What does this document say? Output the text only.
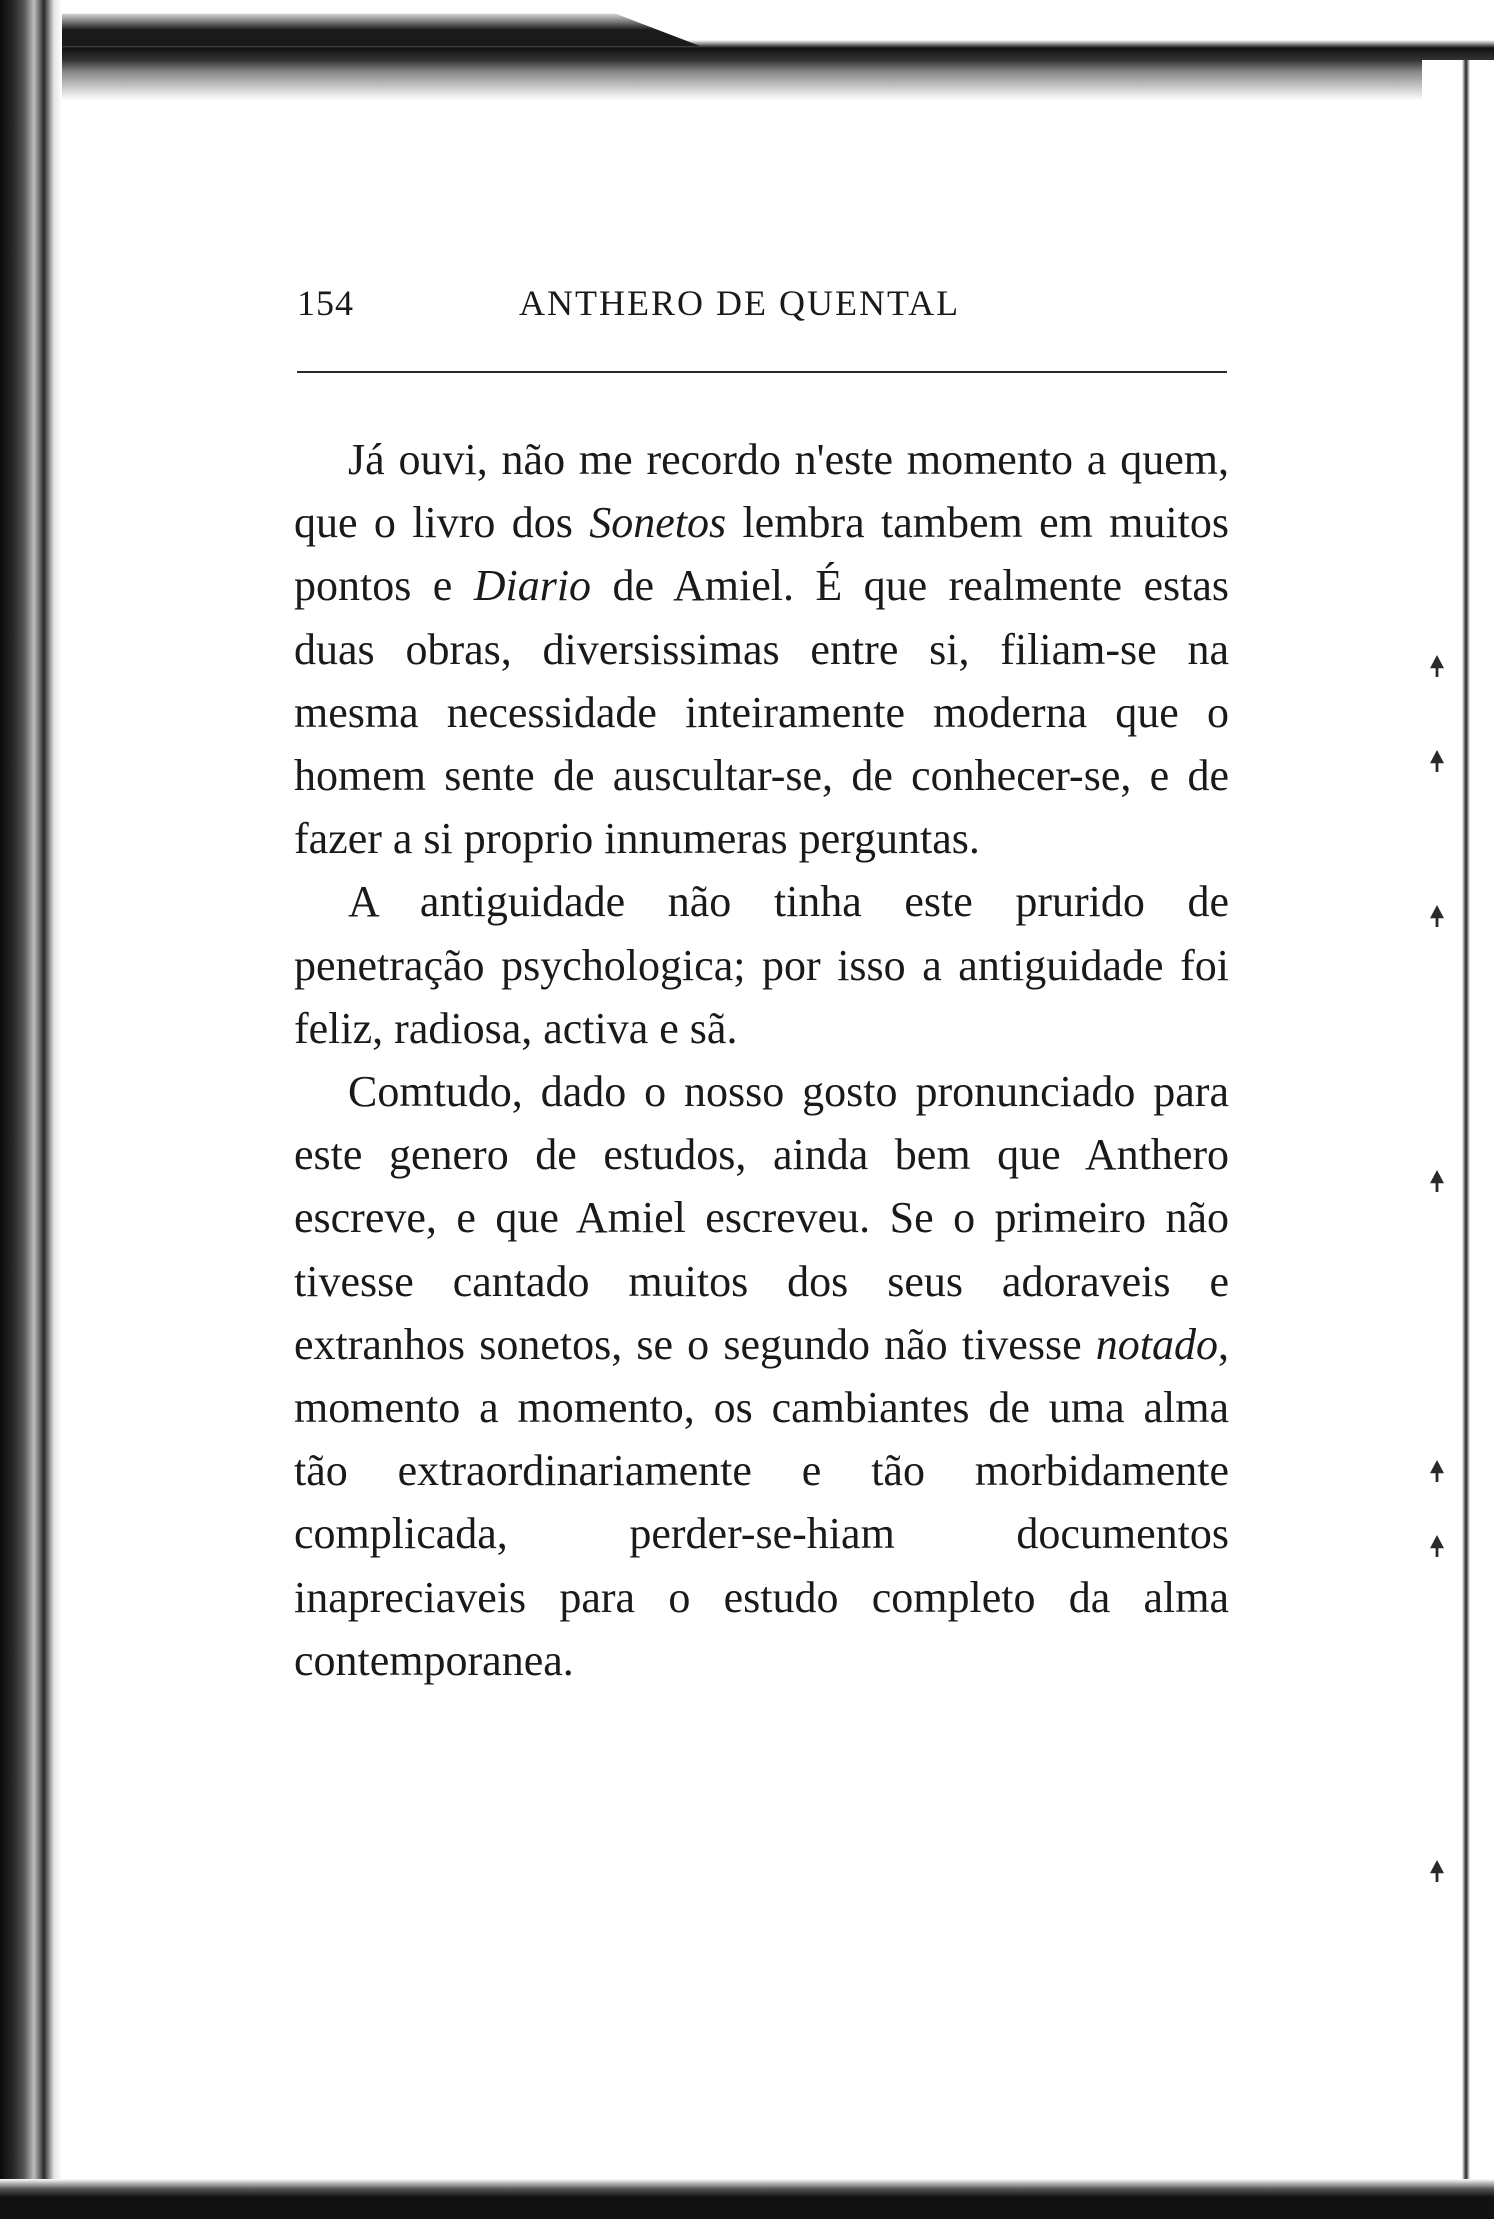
154	ANTHERO DE QUENTAL

Já ouvi, não me recordo n'este momento a quem, que o livro dos Sonetos lembra tambem em muitos pontos e Diario de Amiel. É que realmente estas duas obras, diversissimas entre si, filiam-se na mesma necessidade inteiramente moderna que o homem sente de auscultar-se, de conhecer-se, e de fazer a si proprio innumeras perguntas.

A antiguidade não tinha este prurido de penetração psychologica; por isso a antiguidade foi feliz, radiosa, activa e sã.

Comtudo, dado o nosso gosto pronunciado para este genero de estudos, ainda bem que Anthero escreve, e que Amiel escreveu. Se o primeiro não tivesse cantado muitos dos seus adoraveis e extranhos sonetos, se o segundo não tivesse notado, momento a momento, os cambiantes de uma alma tão extraordinariamente e tão morbidamente complicada, perder-se-hiam documentos inapreciaveis para o estudo completo da alma contemporanea.
